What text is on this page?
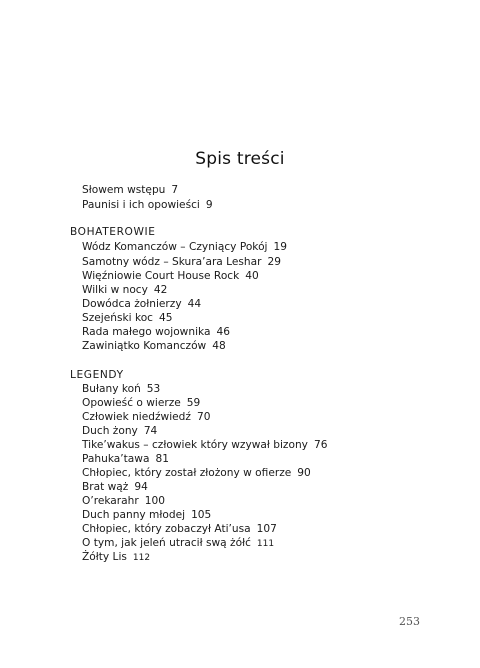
Spis treści
Słowem wstępu 7
Paunisi i ich opowieści 9
BOHATEROWIE
Wódz Komanczów – Czyniący Pokój 19
Samotny wódz – Skura’ara Leshar 29
Więźniowie Court House Rock 40
Wilki w nocy 42
Dowódca żołnierzy 44
Szejeński koc 45
Rada małego wojownika 46
Zawiniątko Komanczów 48
LEGENDY
Bułany koń 53
Opowieść o wierze 59
Człowiek niedźwiedź 70
Duch żony 74
Tike’wakus – człowiek który wzywał bizony 76
Pahuka’tawa 81
Chłopiec, który został złożony w ofierze 90
Brat wąż 94
O’rekarahr 100
Duch panny młodej 105
Chłopiec, który zobaczył Ati’usa 107
O tym, jak jeleń utracił swą żółć 111
Żółty Lis 112
253
